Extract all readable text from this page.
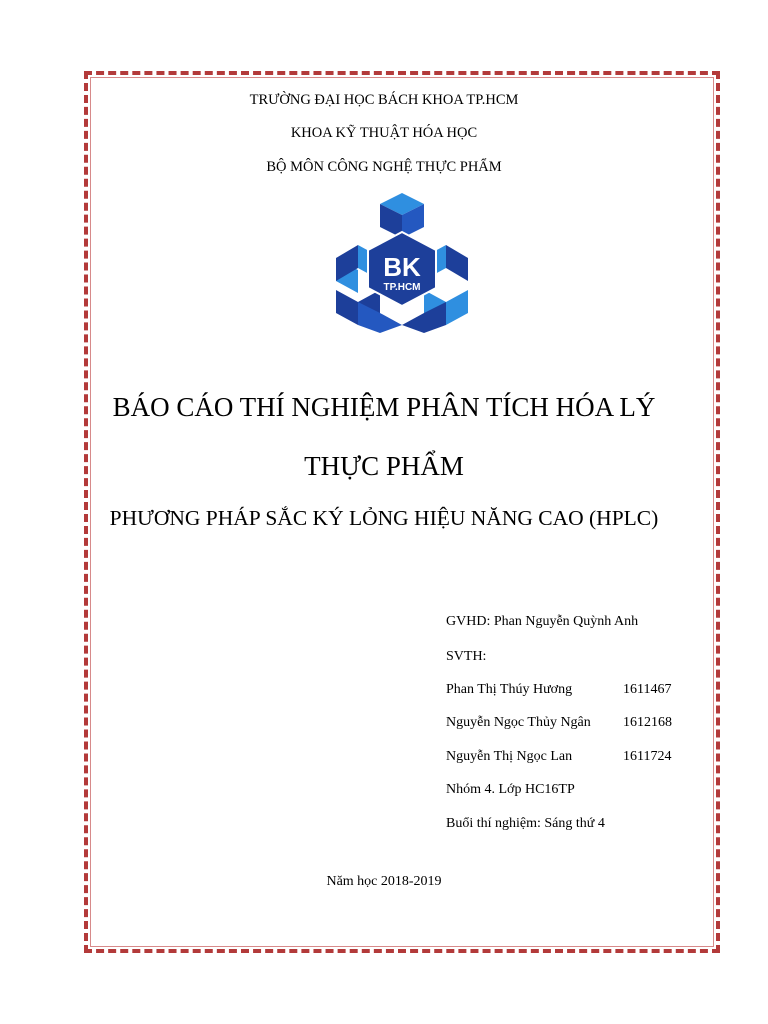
TRƯỜNG ĐẠI HỌC BÁCH KHOA TP.HCM
KHOA KỸ THUẬT HÓA HỌC
BỘ MÔN CÔNG NGHỆ THỰC PHẨM
BK
TP.HCM
BÁO CÁO THÍ NGHIỆM PHÂN TÍCH HÓA LÝ
THỰC PHẨM
PHƯƠNG PHÁP SẮC KÝ LỎNG HIỆU NĂNG CAO (HPLC)
GVHD: Phan Nguyễn Quỳnh Anh
SVTH:
Phan Thị Thúy Hương	1611467
Nguyễn Ngọc Thủy Ngân 1612168
Nguyễn Thị Ngọc Lan	1611724
Nhóm 4. Lớp HC16TP
Buổi thí nghiệm: Sáng thứ 4
Năm học 2018-2019
